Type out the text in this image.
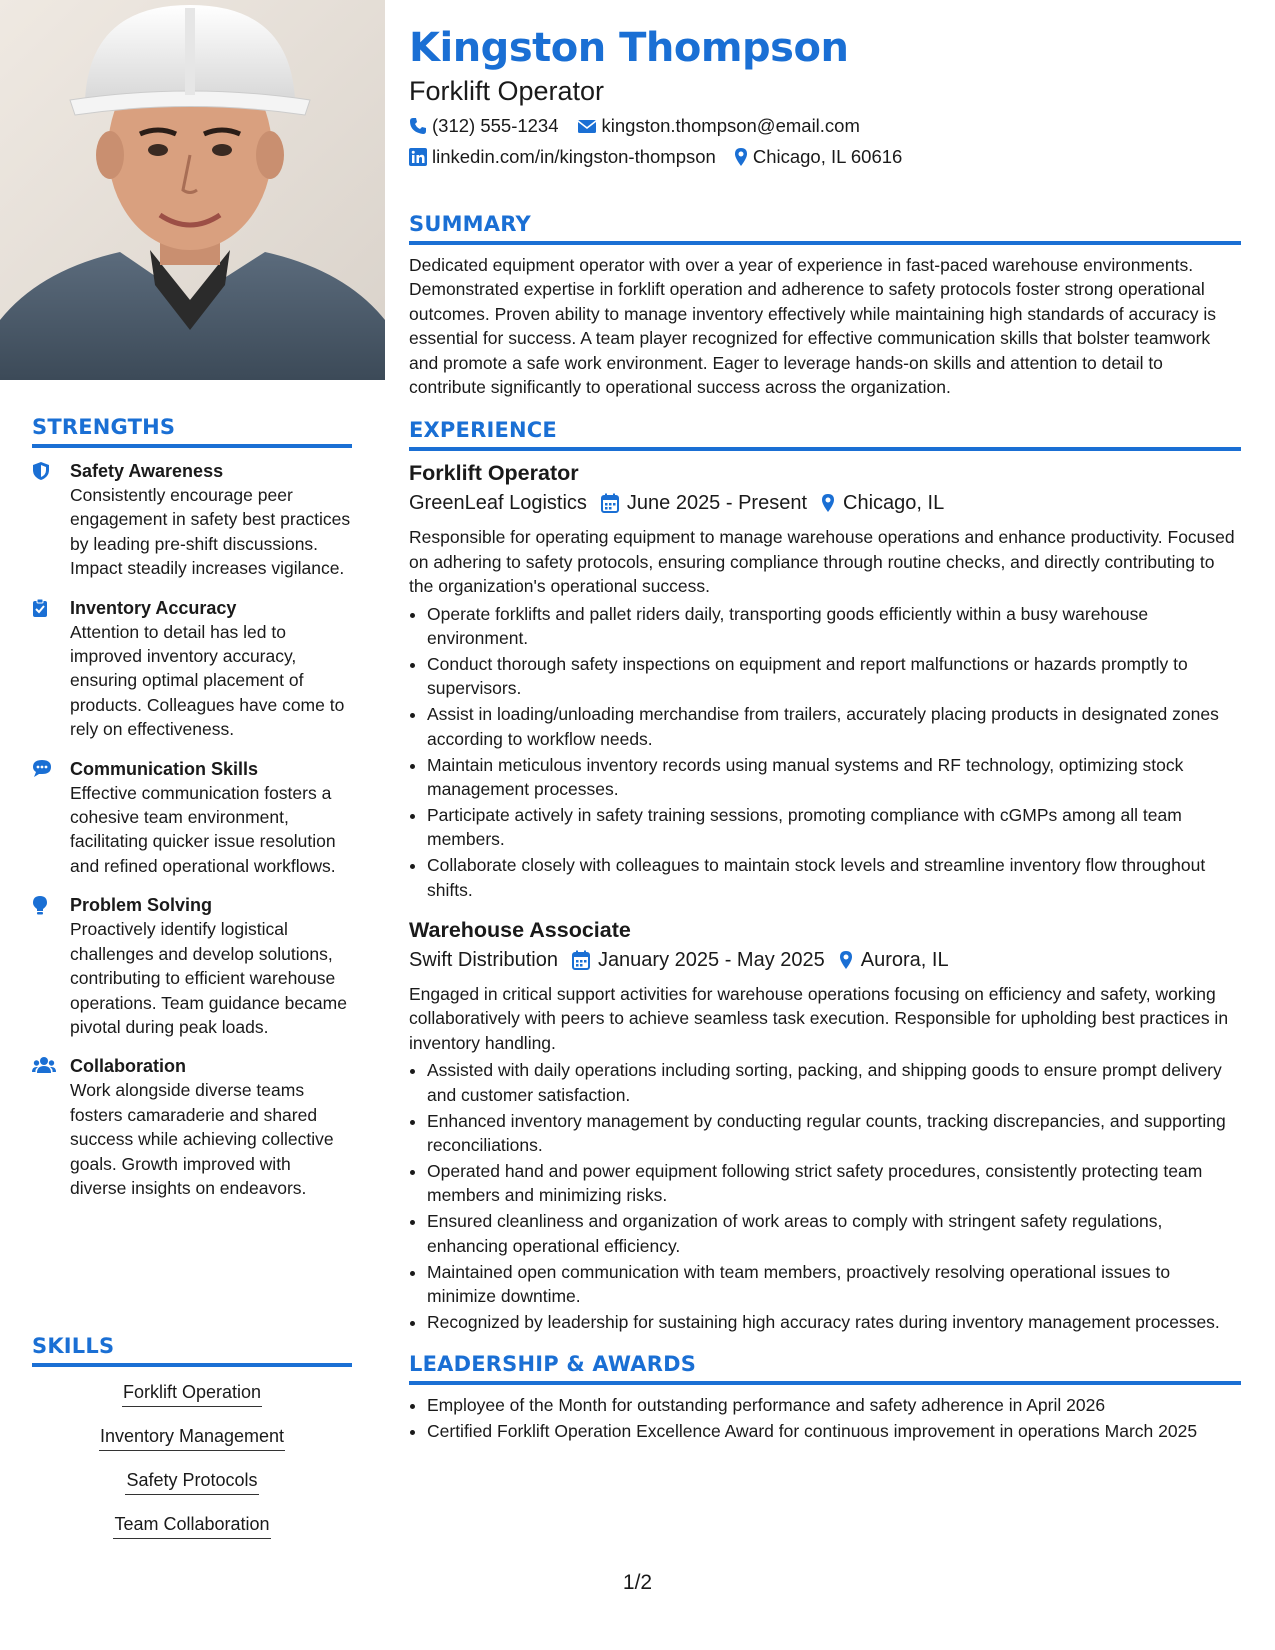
STRENGTHS
Safety Awareness
Consistently encourage peer engagement in safety best practices by leading pre-shift discussions. Impact steadily increases vigilance.
Inventory Accuracy
Attention to detail has led to improved inventory accuracy, ensuring optimal placement of products. Colleagues have come to rely on effectiveness.
Communication Skills
Effective communication fosters a cohesive team environment, facilitating quicker issue resolution and refined operational workflows.
Problem Solving
Proactively identify logistical challenges and develop solutions, contributing to efficient warehouse operations. Team guidance became pivotal during peak loads.
Collaboration
Work alongside diverse teams fosters camaraderie and shared success while achieving collective goals. Growth improved with diverse insights on endeavors.
SKILLS
Forklift Operation
Inventory Management
Safety Protocols
Team Collaboration
Kingston Thompson
Forklift Operator
(312) 555-1234 kingston.thompson@email.com
linkedin.com/in/kingston-thompson Chicago, IL 60616
SUMMARY
Dedicated equipment operator with over a year of experience in fast-paced warehouse environments. Demonstrated expertise in forklift operation and adherence to safety protocols foster strong operational outcomes. Proven ability to manage inventory effectively while maintaining high standards of accuracy is essential for success. A team player recognized for effective communication skills that bolster teamwork and promote a safe work environment. Eager to leverage hands-on skills and attention to detail to contribute significantly to operational success across the organization.
EXPERIENCE
Forklift Operator
GreenLeaf Logistics June 2025 - Present Chicago, IL
Responsible for operating equipment to manage warehouse operations and enhance productivity. Focused on adhering to safety protocols, ensuring compliance through routine checks, and directly contributing to the organization's operational success.
• Operate forklifts and pallet riders daily, transporting goods efficiently within a busy warehouse environment.
• Conduct thorough safety inspections on equipment and report malfunctions or hazards promptly to supervisors.
• Assist in loading/unloading merchandise from trailers, accurately placing products in designated zones according to workflow needs.
• Maintain meticulous inventory records using manual systems and RF technology, optimizing stock management processes.
• Participate actively in safety training sessions, promoting compliance with cGMPs among all team members.
• Collaborate closely with colleagues to maintain stock levels and streamline inventory flow throughout shifts.
Warehouse Associate
Swift Distribution January 2025 - May 2025 Aurora, IL
Engaged in critical support activities for warehouse operations focusing on efficiency and safety, working collaboratively with peers to achieve seamless task execution. Responsible for upholding best practices in inventory handling.
• Assisted with daily operations including sorting, packing, and shipping goods to ensure prompt delivery and customer satisfaction.
• Enhanced inventory management by conducting regular counts, tracking discrepancies, and supporting reconciliations.
• Operated hand and power equipment following strict safety procedures, consistently protecting team members and minimizing risks.
• Ensured cleanliness and organization of work areas to comply with stringent safety regulations, enhancing operational efficiency.
• Maintained open communication with team members, proactively resolving operational issues to minimize downtime.
• Recognized by leadership for sustaining high accuracy rates during inventory management processes.
LEADERSHIP & AWARDS
• Employee of the Month for outstanding performance and safety adherence in April 2026
• Certified Forklift Operation Excellence Award for continuous improvement in operations March 2025
1/2
